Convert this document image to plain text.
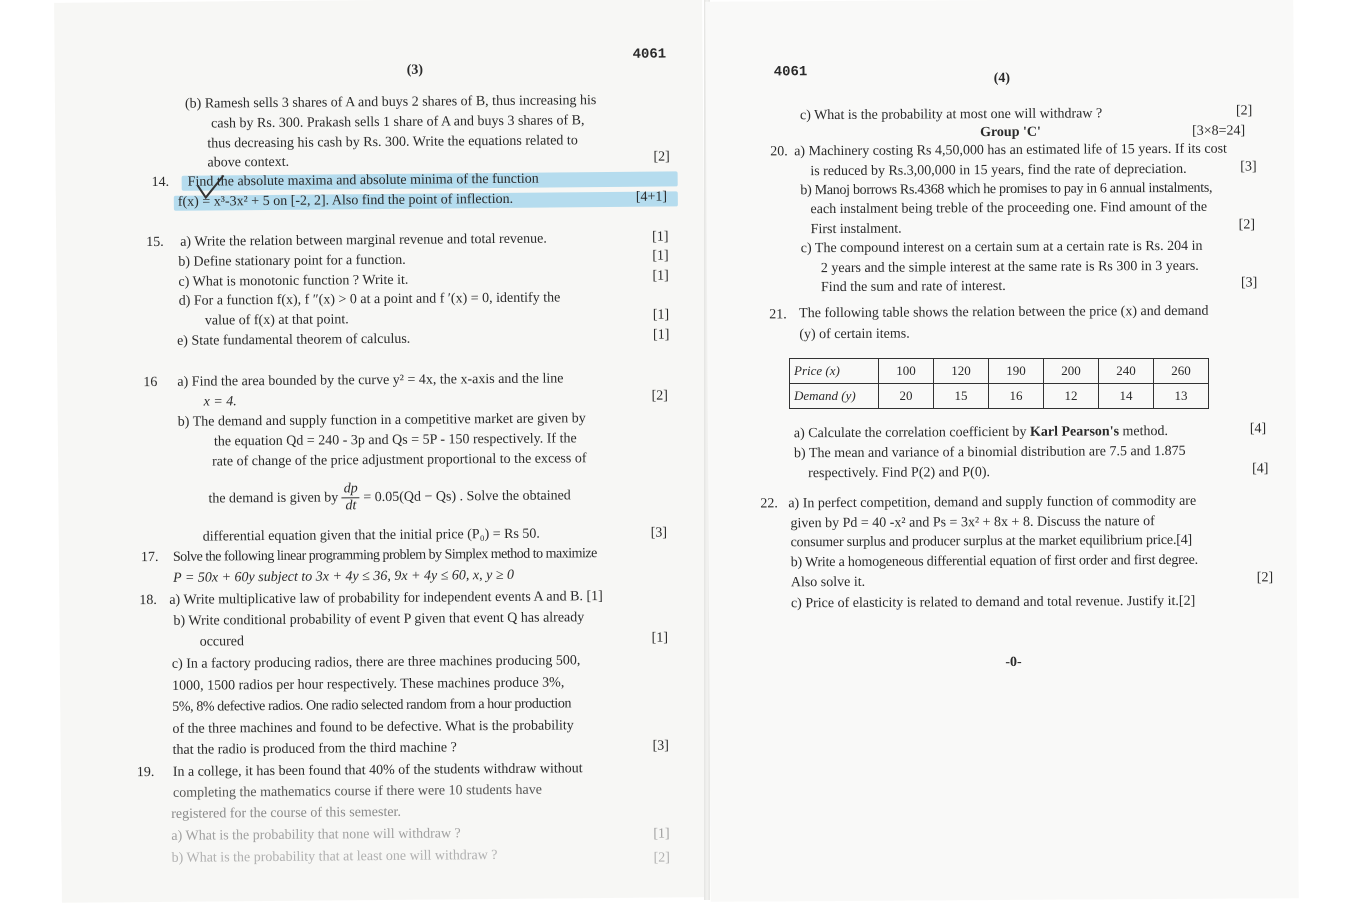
(3)
4061
(b) Ramesh sells 3 shares of A and buys 2 shares of B, thus increasing his
cash by Rs. 300. Prakash sells 1 share of A and buys 3 shares of B,
thus decreasing his cash by Rs. 300. Write the equations related to
above context.	[2]
14. Find the absolute maxima and absolute minima of the function
f(x) = x³-3x² + 5 on [-2, 2]. Also find the point of inflection.	[4+1]
15. a) Write the relation between marginal revenue and total revenue.	[1]
b) Define stationary point for a function.	[1]
c) What is monotonic function ? Write it.	[1]
d) For a function f(x), f ″(x) > 0 at a point and f ′(x) = 0, identify the
value of f(x) at that point.	[1]
e) State fundamental theorem of calculus.	[1]
16 a) Find the area bounded by the curve y² = 4x, the x-axis and the line
x = 4.	[2]
b) The demand and supply function in a competitive market are given by
the equation Qd = 240 - 3p and Qs = 5P - 150 respectively. If the
rate of change of the price adjustment proportional to the excess of
the demand is given by $\frac{dp}{dt} = 0.05(Qd - Qs)$ . Solve the obtained
differential equation given that the initial price (P₀) = Rs 50.	[3]
17. Solve the following linear programming problem by Simplex method to maximize
P = 50x + 60y subject to 3x + 4y ≤ 36, 9x + 4y ≤ 60, x, y ≥ 0
18. a) Write multiplicative law of probability for independent events A and B. [1]
b) Write conditional probability of event P given that event Q has already
occured	[1]
c) In a factory producing radios, there are three machines producing 500,
1000, 1500 radios per hour respectively. These machines produce 3%,
5%, 8% defective radios. One radio selected random from a hour production
of the three machines and found to be defective. What is the probability
that the radio is produced from the third machine ?	[3]
19. In a college, it has been found that 40% of the students withdraw without
completing the mathematics course if there were 10 students have
registered for the course of this semester.
a) What is the probability that none will withdraw ?	[1]
b) What is the probability that at least one will withdraw ?	[2]
4061	(4)
c) What is the probability at most one will withdraw ?	[2]
Group 'C'	[3×8=24]
20. a) Machinery costing Rs 4,50,000 has an estimated life of 15 years. If its cost
is reduced by Rs.3,00,000 in 15 years, find the rate of depreciation.	[3]
b) Manoj borrows Rs.4368 which he promises to pay in 6 annual instalments,
each instalment being treble of the proceeding one. Find amount of the
First instalment.	[2]
c) The compound interest on a certain sum at a certain rate is Rs. 204 in
2 years and the simple interest at the same rate is Rs 300 in 3 years.
Find the sum and rate of interest.	[3]
21. The following table shows the relation between the price (x) and demand
(y) of certain items.
Price (x)	100	120	190	200	240	260
Demand (y)	20	15	16	12	14	13
a) Calculate the correlation coefficient by Karl Pearson's method.	[4]
b) The mean and variance of a binomial distribution are 7.5 and 1.875
respectively. Find P(2) and P(0).	[4]
22. a) In perfect competition, demand and supply function of commodity are
given by Pd = 40 -x² and Ps = 3x² + 8x + 8. Discuss the nature of
consumer surplus and producer surplus at the market equilibrium price.[4]
b) Write a homogeneous differential equation of first order and first degree.
Also solve it.	[2]
c) Price of elasticity is related to demand and total revenue. Justify it.[2]
-0-
